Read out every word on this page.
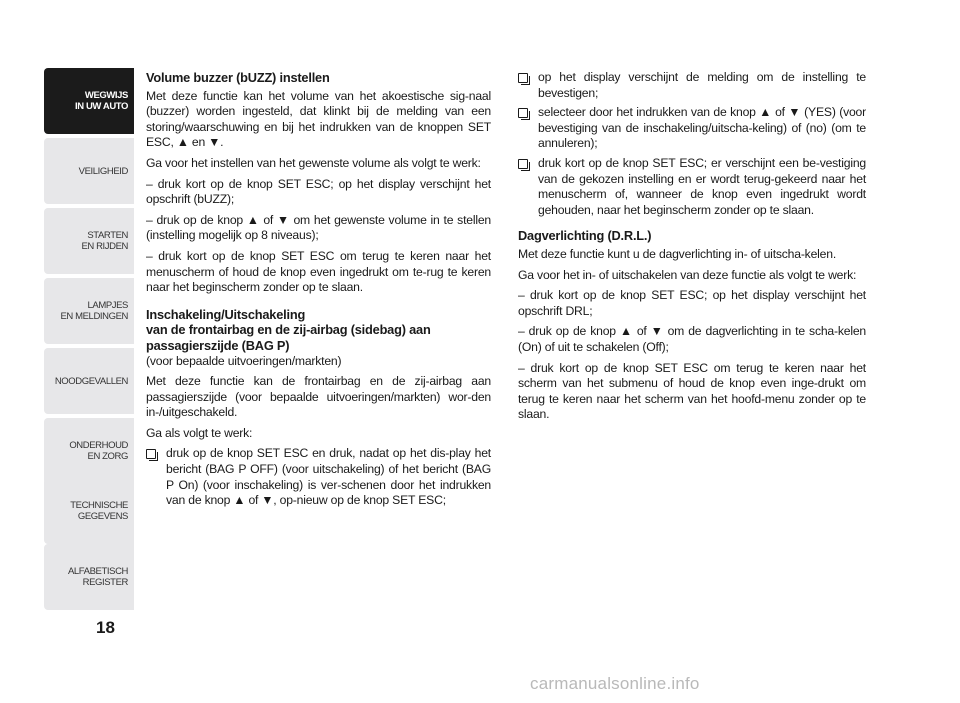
WEGWIJS
IN UW AUTO
VEILIGHEID
STARTEN
EN RIJDEN
LAMPJES
EN MELDINGEN
NOODGEVALLEN
ONDERHOUD
EN ZORG
TECHNISCHE
GEGEVENS
ALFABETISCH
REGISTER
18
Volume buzzer (bUZZ) instellen

Met deze functie kan het volume van het akoestische sig-naal (buzzer) worden ingesteld, dat klinkt bij de melding van een storing/waarschuwing en bij het indrukken van de knoppen SET ESC, ▲ en ▼.

Ga voor het instellen van het gewenste volume als volgt te werk:

– druk kort op de knop SET ESC; op het display verschijnt het opschrift (bUZZ);

– druk op de knop ▲ of ▼ om het gewenste volume in te stellen (instelling mogelijk op 8 niveaus);

– druk kort op de knop SET ESC om terug te keren naar het menuscherm of houd de knop even ingedrukt om te-rug te keren naar het beginscherm zonder op te slaan.

Inschakeling/Uitschakeling
van de frontairbag en de zij-airbag (sidebag) aan
passagierszijde (BAG P)

(voor bepaalde uitvoeringen/markten)

Met deze functie kan de frontairbag en de zij-airbag aan passagierszijde (voor bepaalde uitvoeringen/markten) wor-den in-/uitgeschakeld.

Ga als volgt te werk:

druk op de knop SET ESC en druk, nadat op het dis-play het bericht (BAG P OFF) (voor uitschakeling) of het bericht (BAG P On) (voor inschakeling) is ver-schenen door het indrukken van de knop ▲ of ▼, op-nieuw op de knop SET ESC;
op het display verschijnt de melding om de instelling te bevestigen;
selecteer door het indrukken van de knop ▲ of ▼ (YES) (voor bevestiging van de inschakeling/uitscha-keling) of (no) (om te annuleren);
druk kort op de knop SET ESC; er verschijnt een be-vestiging van de gekozen instelling en er wordt terug-gekeerd naar het menuscherm of, wanneer de knop even ingedrukt wordt gehouden, naar het beginscherm zonder op te slaan.
Dagverlichting (D.R.L.)

Met deze functie kunt u de dagverlichting in- of uitscha-kelen.

Ga voor het in- of uitschakelen van deze functie als volgt te werk:

– druk kort op de knop SET ESC; op het display verschijnt het opschrift DRL;

– druk op de knop ▲ of ▼ om de dagverlichting in te scha-kelen (On) of uit te schakelen (Off);

– druk kort op de knop SET ESC om terug te keren naar het scherm van het submenu of houd de knop even inge-drukt om terug te keren naar het scherm van het hoofd-menu zonder op te slaan.

carmanualsonline.info
